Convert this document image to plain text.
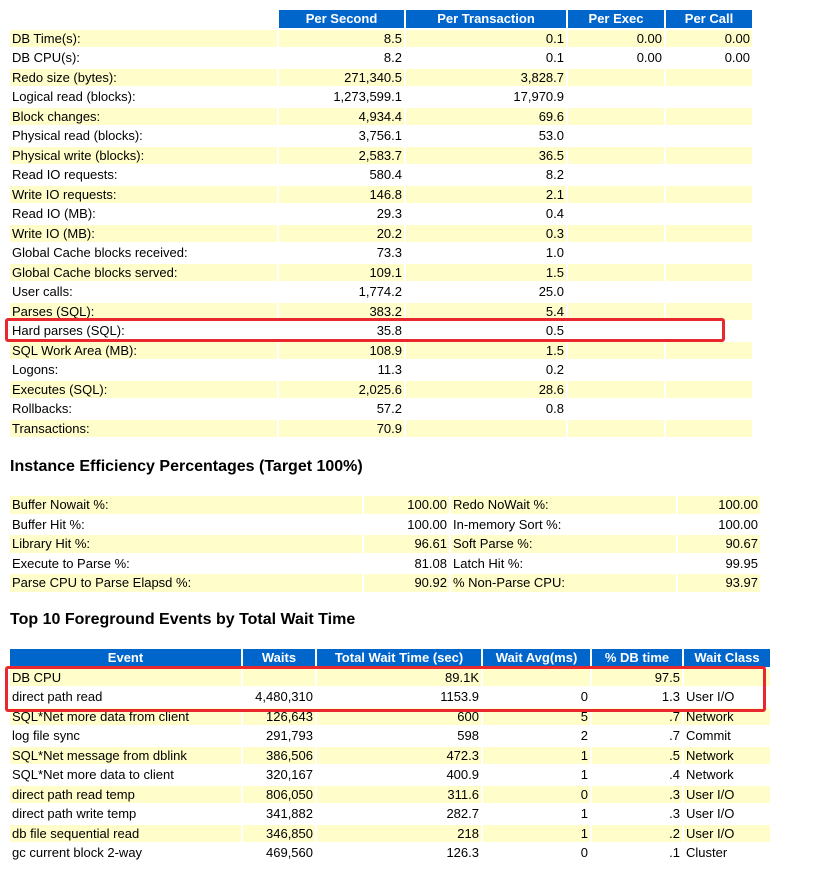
	Per Second	Per Transaction	Per Exec	Per Call
DB Time(s):	8.5	0.1	0.00	0.00
DB CPU(s):	8.2	0.1	0.00	0.00
Redo size (bytes):	271,340.5	3,828.7		
Logical read (blocks):	1,273,599.1	17,970.9		
Block changes:	4,934.4	69.6		
Physical read (blocks):	3,756.1	53.0		
Physical write (blocks):	2,583.7	36.5		
Read IO requests:	580.4	8.2		
Write IO requests:	146.8	2.1		
Read IO (MB):	29.3	0.4		
Write IO (MB):	20.2	0.3		
Global Cache blocks received:	73.3	1.0		
Global Cache blocks served:	109.1	1.5		
User calls:	1,774.2	25.0		
Parses (SQL):	383.2	5.4		
Hard parses (SQL):	35.8	0.5		
SQL Work Area (MB):	108.9	1.5		
Logons:	11.3	0.2		
Executes (SQL):	2,025.6	28.6		
Rollbacks:	57.2	0.8		
Transactions:	70.9			
Instance Efficiency Percentages (Target 100%)
Buffer Nowait %:	100.00	Redo NoWait %:	100.00
Buffer Hit %:	100.00	In-memory Sort %:	100.00
Library Hit %:	96.61	Soft Parse %:	90.67
Execute to Parse %:	81.08	Latch Hit %:	99.95
Parse CPU to Parse Elapsd %:	90.92	% Non-Parse CPU:	93.97
Top 10 Foreground Events by Total Wait Time
Event	Waits	Total Wait Time (sec)	Wait Avg(ms)	% DB time	Wait Class
DB CPU		89.1K		97.5	
direct path read	4,480,310	1153.9	0	1.3	User I/O
SQL*Net more data from client	126,643	600	5	.7	Network
log file sync	291,793	598	2	.7	Commit
SQL*Net message from dblink	386,506	472.3	1	.5	Network
SQL*Net more data to client	320,167	400.9	1	.4	Network
direct path read temp	806,050	311.6	0	.3	User I/O
direct path write temp	341,882	282.7	1	.3	User I/O
db file sequential read	346,850	218	1	.2	User I/O
gc current block 2-way	469,560	126.3	0	.1	Cluster
